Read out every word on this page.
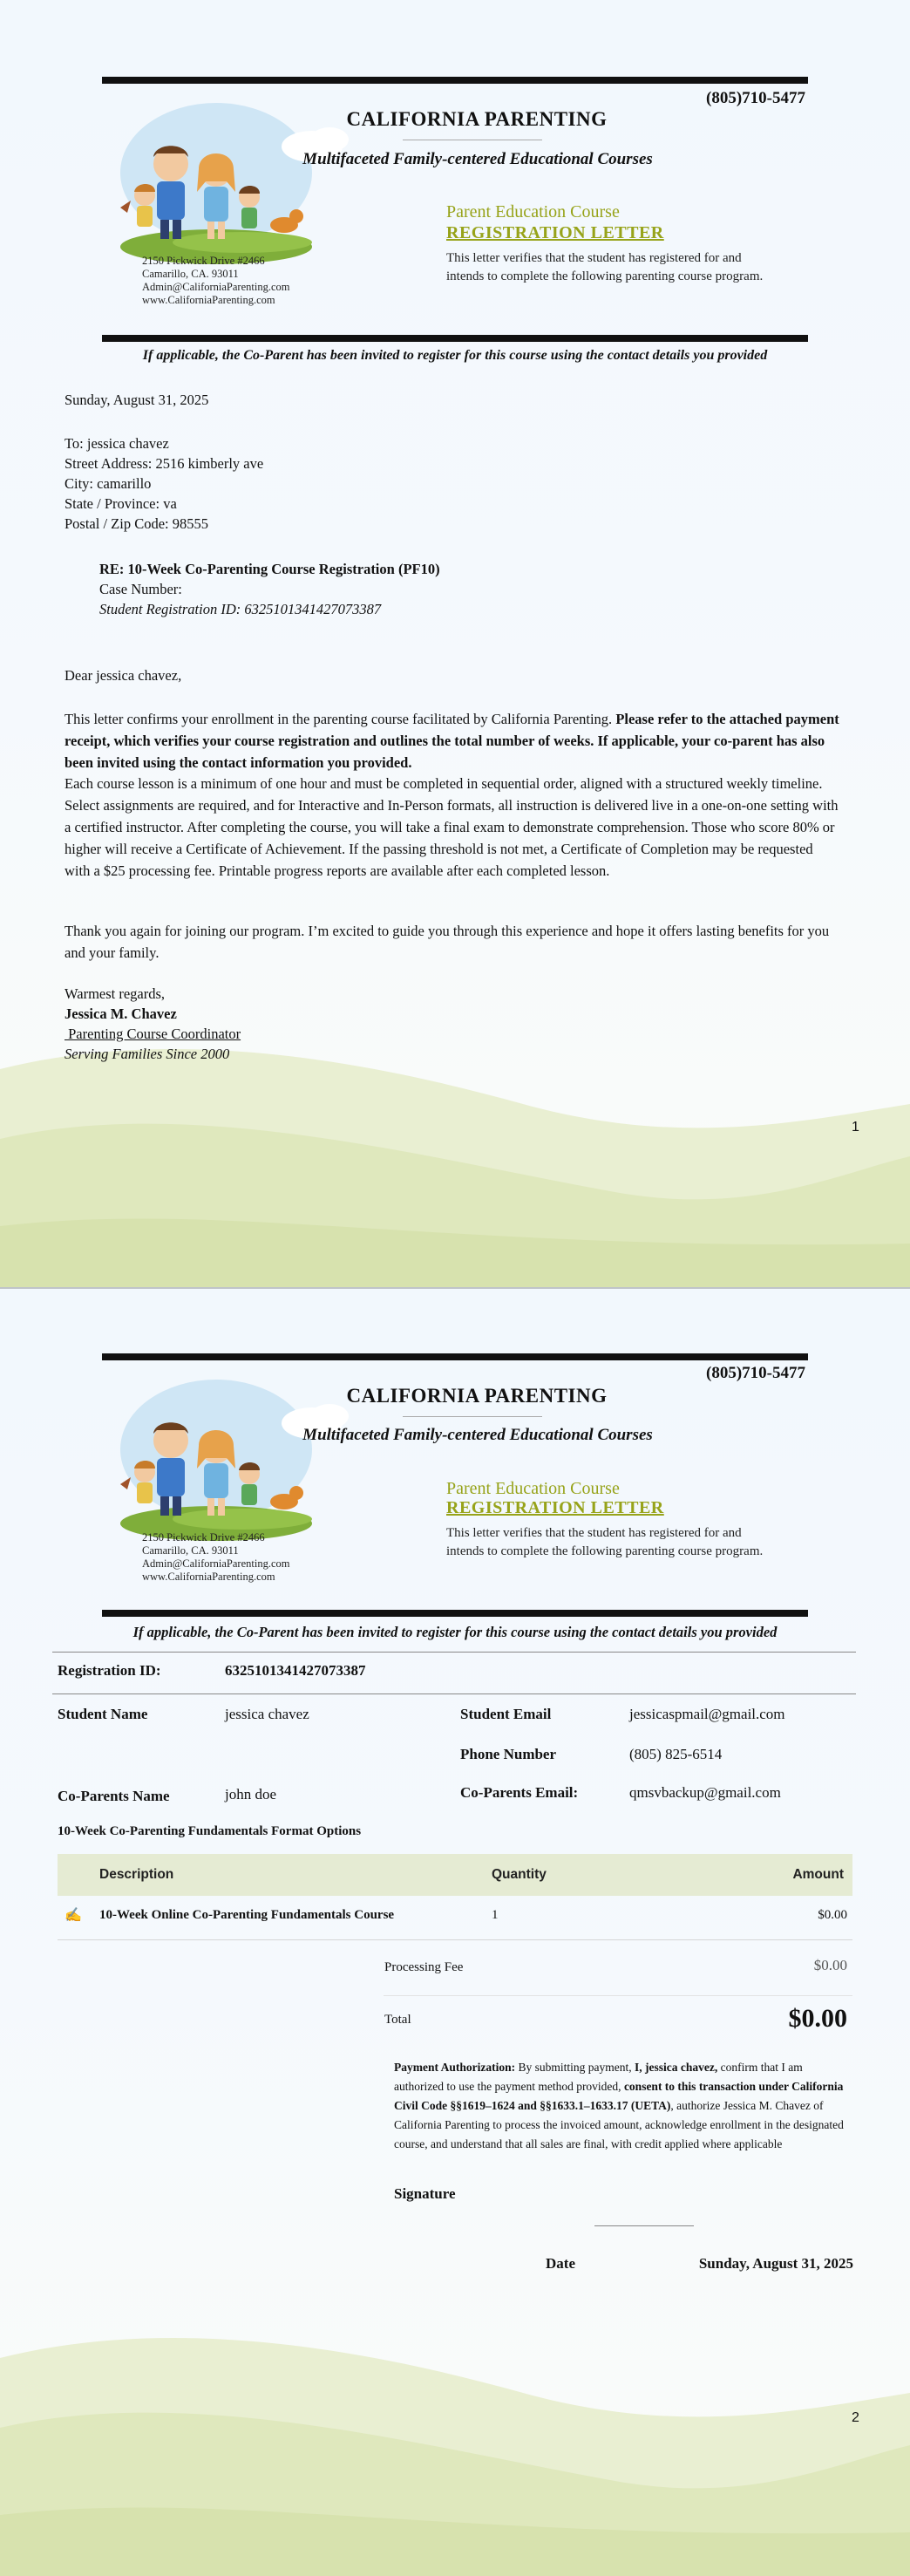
(805)710-5477
CALIFORNIA PARENTING
Multifaceted Family-centered Educational Courses
Parent Education Course
REGISTRATION LETTER
This letter verifies that the student has registered for and intends to complete the following parenting course program.
2150 Pickwick Drive #2466
Camarillo, CA. 93011
Admin@CaliforniaParenting.com
www.CaliforniaParenting.com
If applicable, the Co-Parent has been invited to register for this course using the contact details you provided
Sunday, August 31, 2025
To: jessica chavez
Street Address: 2516 kimberly ave
City: camarillo
State / Province: va
Postal / Zip Code: 98555
RE: 10-Week Co-Parenting Course Registration (PF10)
Case Number:
Student Registration ID: 6325101341427073387
Dear jessica chavez,
This letter confirms your enrollment in the parenting course facilitated by California Parenting. Please refer to the attached payment receipt, which verifies your course registration and outlines the total number of weeks. If applicable, your co-parent has also been invited using the contact information you provided.
Each course lesson is a minimum of one hour and must be completed in sequential order, aligned with a structured weekly timeline. Select assignments are required, and for Interactive and In-Person formats, all instruction is delivered live in a one-on-one setting with a certified instructor. After completing the course, you will take a final exam to demonstrate comprehension. Those who score 80% or higher will receive a Certificate of Achievement. If the passing threshold is not met, a Certificate of Completion may be requested with a $25 processing fee. Printable progress reports are available after each completed lesson.
Thank you again for joining our program. I’m excited to guide you through this experience and hope it offers lasting benefits for you and your family.
Warmest regards,
Jessica M. Chavez
Parenting Course Coordinator
Serving Families Since 2000
1
(805)710-5477
CALIFORNIA PARENTING
Multifaceted Family-centered Educational Courses
Parent Education Course
REGISTRATION LETTER
This letter verifies that the student has registered for and intends to complete the following parenting course program.
2150 Pickwick Drive #2466
Camarillo, CA. 93011
Admin@CaliforniaParenting.com
www.CaliforniaParenting.com
If applicable, the Co-Parent has been invited to register for this course using the contact details you provided
Registration ID:	6325101341427073387
Student Name	jessica chavez	Student Email	jessicaspmail@gmail.com
Phone Number	(805) 825-6514
Co-Parents Name	john doe	Co-Parents Email:	qmsvbackup@gmail.com
10-Week Co-Parenting Fundamentals Format Options
Description	Quantity	Amount
✍ 10-Week Online Co-Parenting Fundamentals Course	1	$0.00
Processing Fee	$0.00
Total	$0.00
Payment Authorization: By submitting payment, I, jessica chavez, confirm that I am authorized to use the payment method provided, consent to this transaction under California Civil Code §§1619–1624 and §§1633.1–1633.17 (UETA), authorize Jessica M. Chavez of California Parenting to process the invoiced amount, acknowledge enrollment in the designated course, and understand that all sales are final, with credit applied where applicable
Signature
Date	Sunday, August 31, 2025
2
